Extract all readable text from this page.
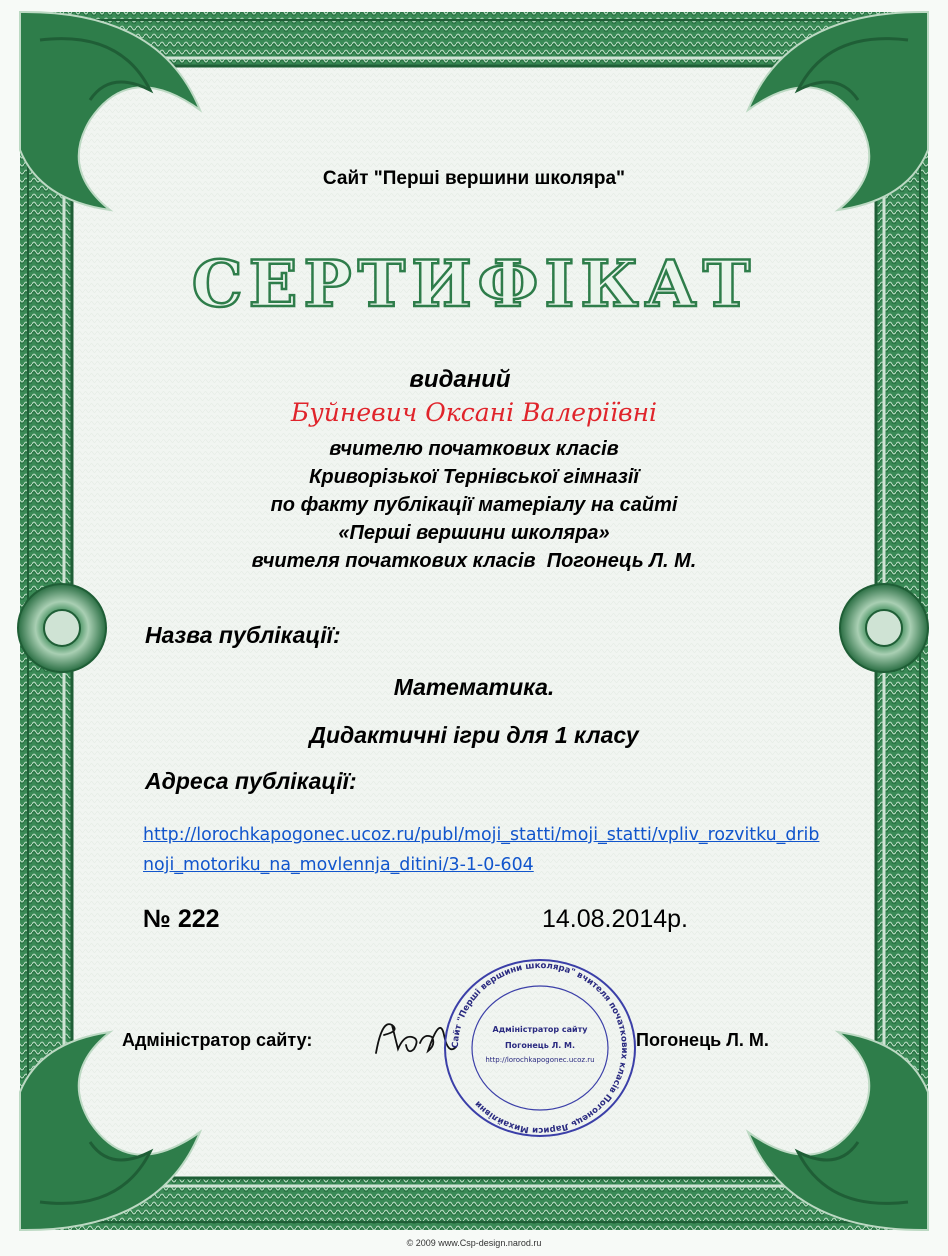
Сайт "Перші вершини школяра"
СЕРТИФІКАТ
виданий
Буйневич Оксані Валеріївні
вчителю початкових класів
Криворізької Тернівської гімназії
по факту публікації матеріалу на сайті
«Перші вершини школяра»
вчителя початкових класів  Погонець Л. М.
Назва публікації:
Математика.
Дидактичні ігри для 1 класу
Адреса публікації:
http://lorochkapogonec.ucoz.ru/publ/moji_statti/moji_statti/vpliv_rozvitku_dribnoji_motoriku_na_movlennja_ditini/3-1-0-604
№ 222	14.08.2014р.
Адміністратор сайту:	Сайт "Перші вершини школяра" вчителя початкових класів Погонець Лариси Михайлівни
Адміністратор сайту
Погонець Л. М.
http://lorochkapogonec.ucoz.ru
Погонець Л. М.
© 2009 www.Csp-design.narod.ru
